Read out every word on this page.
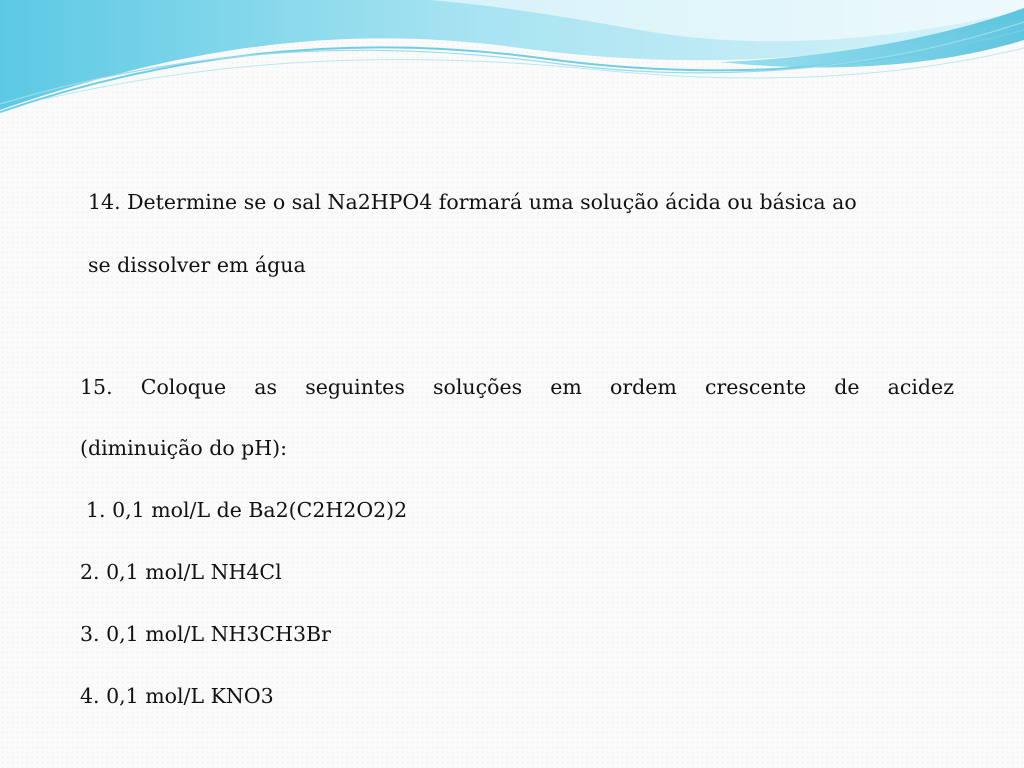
14. Determine se o sal Na2HPO4 formará uma solução ácida ou básica ao

se dissolver em água

15. Coloque as seguintes soluções em ordem crescente de acidez

(diminuição do pH):

1. 0,1 mol/L de Ba2(C2H2O2)2

2. 0,1 mol/L NH4Cl

3. 0,1 mol/L NH3CH3Br

4. 0,1 mol/L KNO3
